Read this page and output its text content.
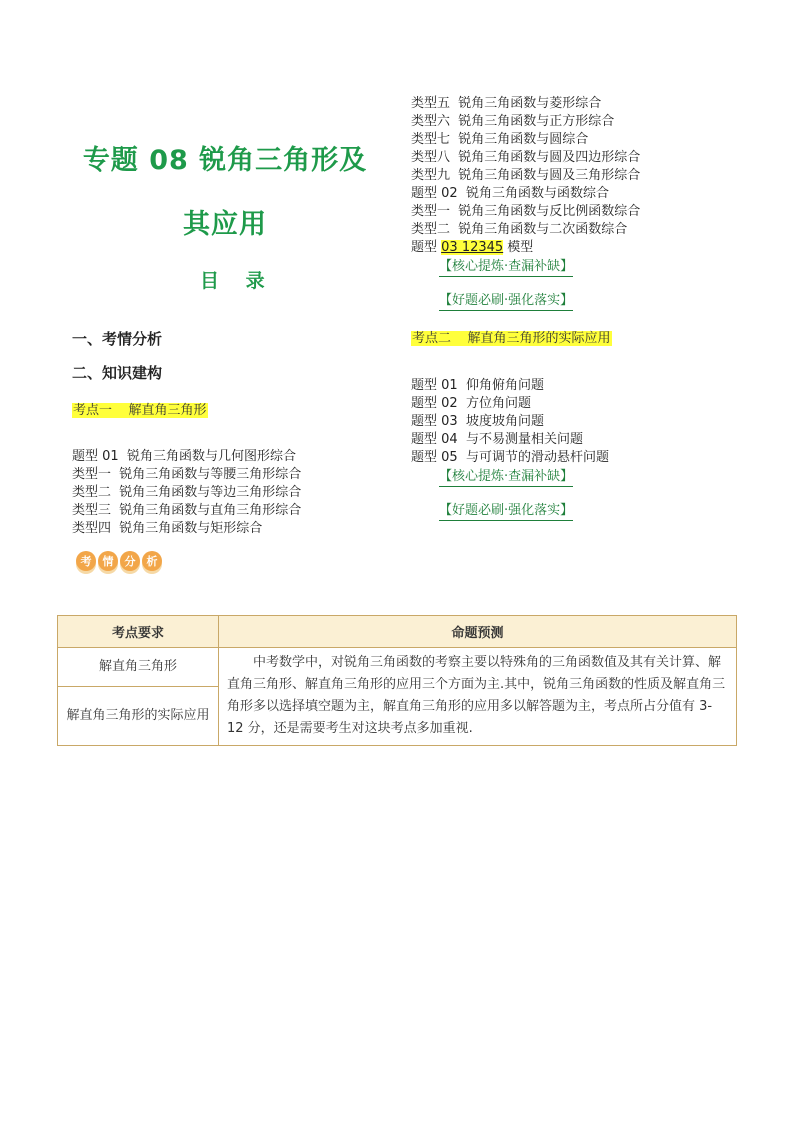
专题 08 锐角三角形及
其应用
目 录
一、考情分析
二、知识建构
考点一    解直角三角形
题型 01  锐角三角函数与几何图形综合
类型一  锐角三角函数与等腰三角形综合
类型二  锐角三角函数与等边三角形综合
类型三  锐角三角函数与直角三角形综合
类型四  锐角三角函数与矩形综合
考	情	分	析
类型五  锐角三角函数与菱形综合
类型六  锐角三角函数与正方形综合
类型七  锐角三角函数与圆综合
类型八  锐角三角函数与圆及四边形综合
类型九  锐角三角函数与圆及三角形综合
题型 02  锐角三角函数与函数综合
类型一  锐角三角函数与反比例函数综合
类型二  锐角三角函数与二次函数综合
题型 03 12345 模型
【核心提炼·查漏补缺】
【好题必刷·强化落实】
考点二    解直角三角形的实际应用
题型 01  仰角俯角问题
题型 02  方位角问题
题型 03  坡度坡角问题
题型 04  与不易测量相关问题
题型 05  与可调节的滑动悬杆问题
【核心提炼·查漏补缺】
【好题必刷·强化落实】
考点要求	命题预测
解直角三角形	中考数学中，对锐角三角函数的考察主要以特殊角的三角函数值及其有关计算、解直角三角形、解直角三角形的应用三个方面为主.其中，锐角三角函数的性质及解直角三角形多以选择填空题为主，解直角三角形的应用多以解答题为主，考点所占分值有 3-12 分，还是需要考生对这块考点多加重视.
解直角三角形的实际应用	
